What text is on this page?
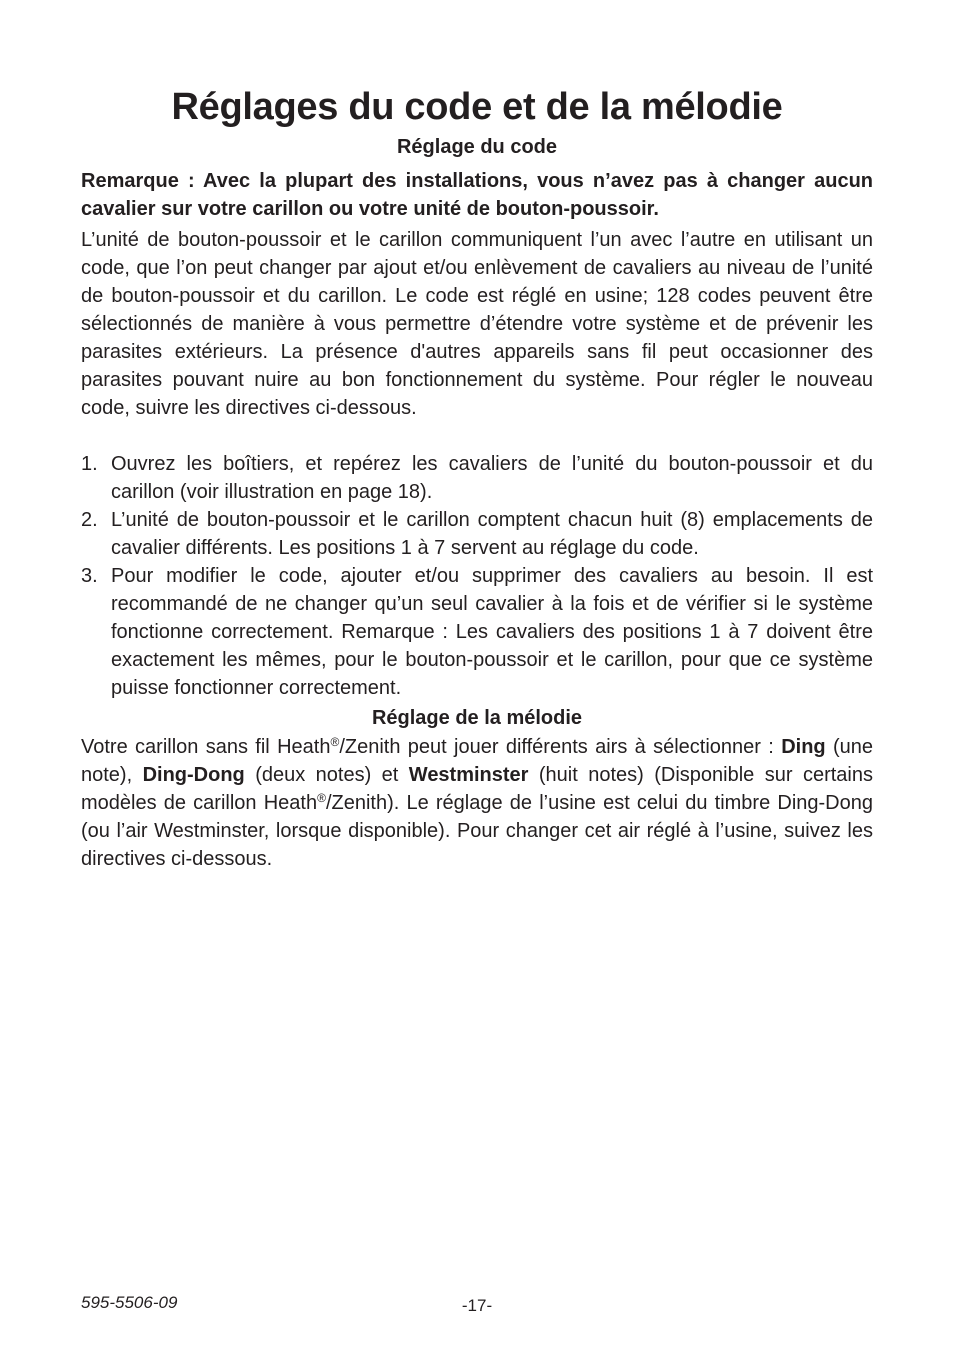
Réglages du code et de la mélodie

Réglage du code

Remarque : Avec la plupart des installations, vous n’avez pas à changer aucun cavalier sur votre carillon ou votre unité de bouton-poussoir.

L’unité de bouton-poussoir et le carillon communiquent l’un avec l’autre en utilisant un code, que l’on peut changer par ajout et/ou enlèvement de cavaliers au niveau de l’unité de bouton-poussoir et du carillon. Le code est réglé en usine; 128 codes peuvent être sélectionnés de manière à vous permettre d’étendre votre système et de prévenir les parasites extérieurs. La présence d'autres appareils sans fil peut occasionner des parasites pouvant nuire au bon fonctionnement du système. Pour régler le nouveau code, suivre les directives ci-dessous.

1. Ouvrez les boîtiers, et repérez les cavaliers de l’unité du bouton-poussoir et du carillon (voir illustration en page 18).
2. L’unité de bouton-poussoir et le carillon comptent chacun huit (8) emplacements de cavalier différents. Les positions 1 à 7 servent au réglage du code.
3. Pour modifier le code, ajouter et/ou supprimer des cavaliers au besoin. Il est recommandé de ne changer qu’un seul cavalier à la fois et de vérifier si le système fonctionne correctement. Remarque : Les cavaliers des positions 1 à 7 doivent être exactement les mêmes, pour le bouton-poussoir et le carillon, pour que ce système puisse fonctionner correctement.

Réglage de la mélodie

Votre carillon sans fil Heath®/Zenith peut jouer différents airs à sélectionner : Ding (une note), Ding-Dong (deux notes) et Westminster (huit notes) (Disponible sur certains modèles de carillon Heath®/Zenith). Le réglage de l’usine est celui du timbre Ding-Dong (ou l’air Westminster, lorsque disponible). Pour changer cet air réglé à l’usine, suivez les directives ci-dessous.

595-5506-09	-17-
